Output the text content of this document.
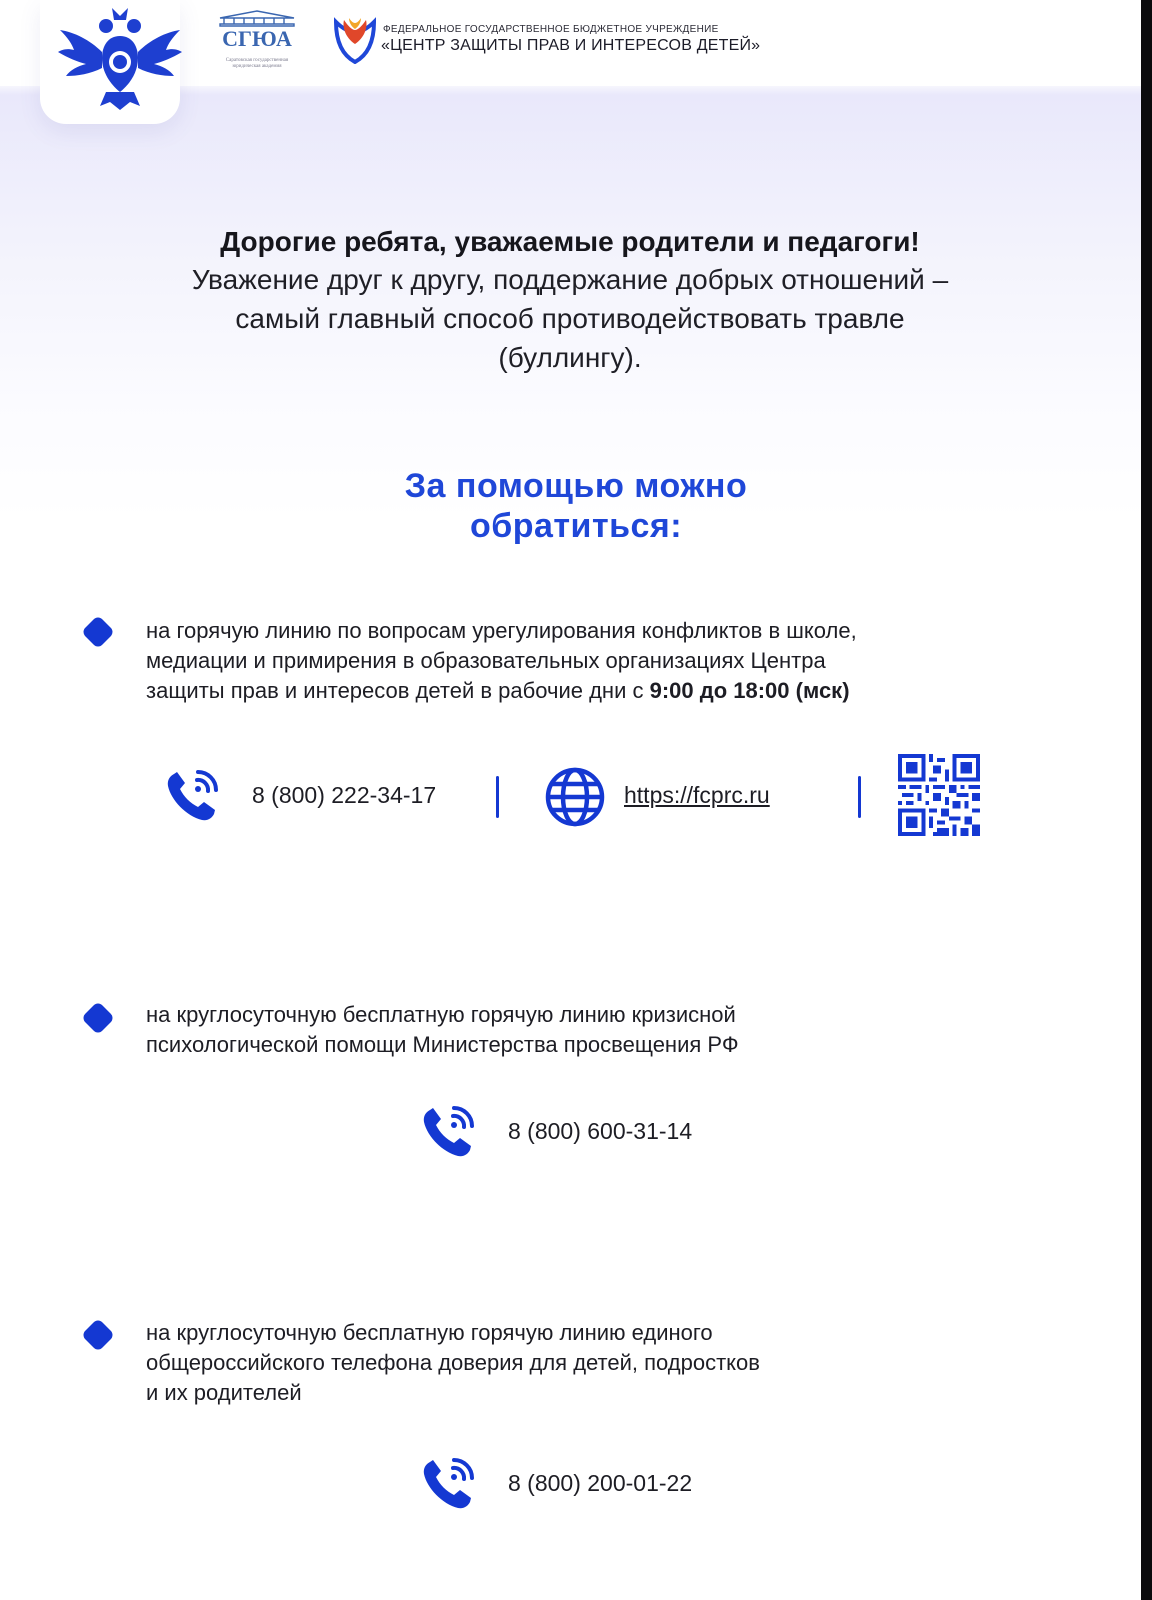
СГЮА
Саратовская государственная юридическая академия
ФЕДЕРАЛЬНОЕ ГОСУДАРСТВЕННОЕ БЮДЖЕТНОЕ УЧРЕЖДЕНИЕ
«ЦЕНТР ЗАЩИТЫ ПРАВ И ИНТЕРЕСОВ ДЕТЕЙ»
Дорогие ребята, уважаемые родители и педагоги!
Уважение друг к другу, поддержание добрых отношений –
самый главный способ противодействовать травле
(буллингу).
За помощью можно
обратиться:
на горячую линию по вопросам урегулирования конфликтов в школе,
медиации и примирения в образовательных организациях Центра
защиты прав и интересов детей в рабочие дни с 9:00 до 18:00 (мск)
8 (800) 222-34-17	https://fcprc.ru
на круглосуточную бесплатную горячую линию кризисной
психологической помощи Министерства просвещения РФ
8 (800) 600-31-14
на круглосуточную бесплатную горячую линию единого
общероссийского телефона доверия для детей, подростков
и их родителей
8 (800) 200-01-22
